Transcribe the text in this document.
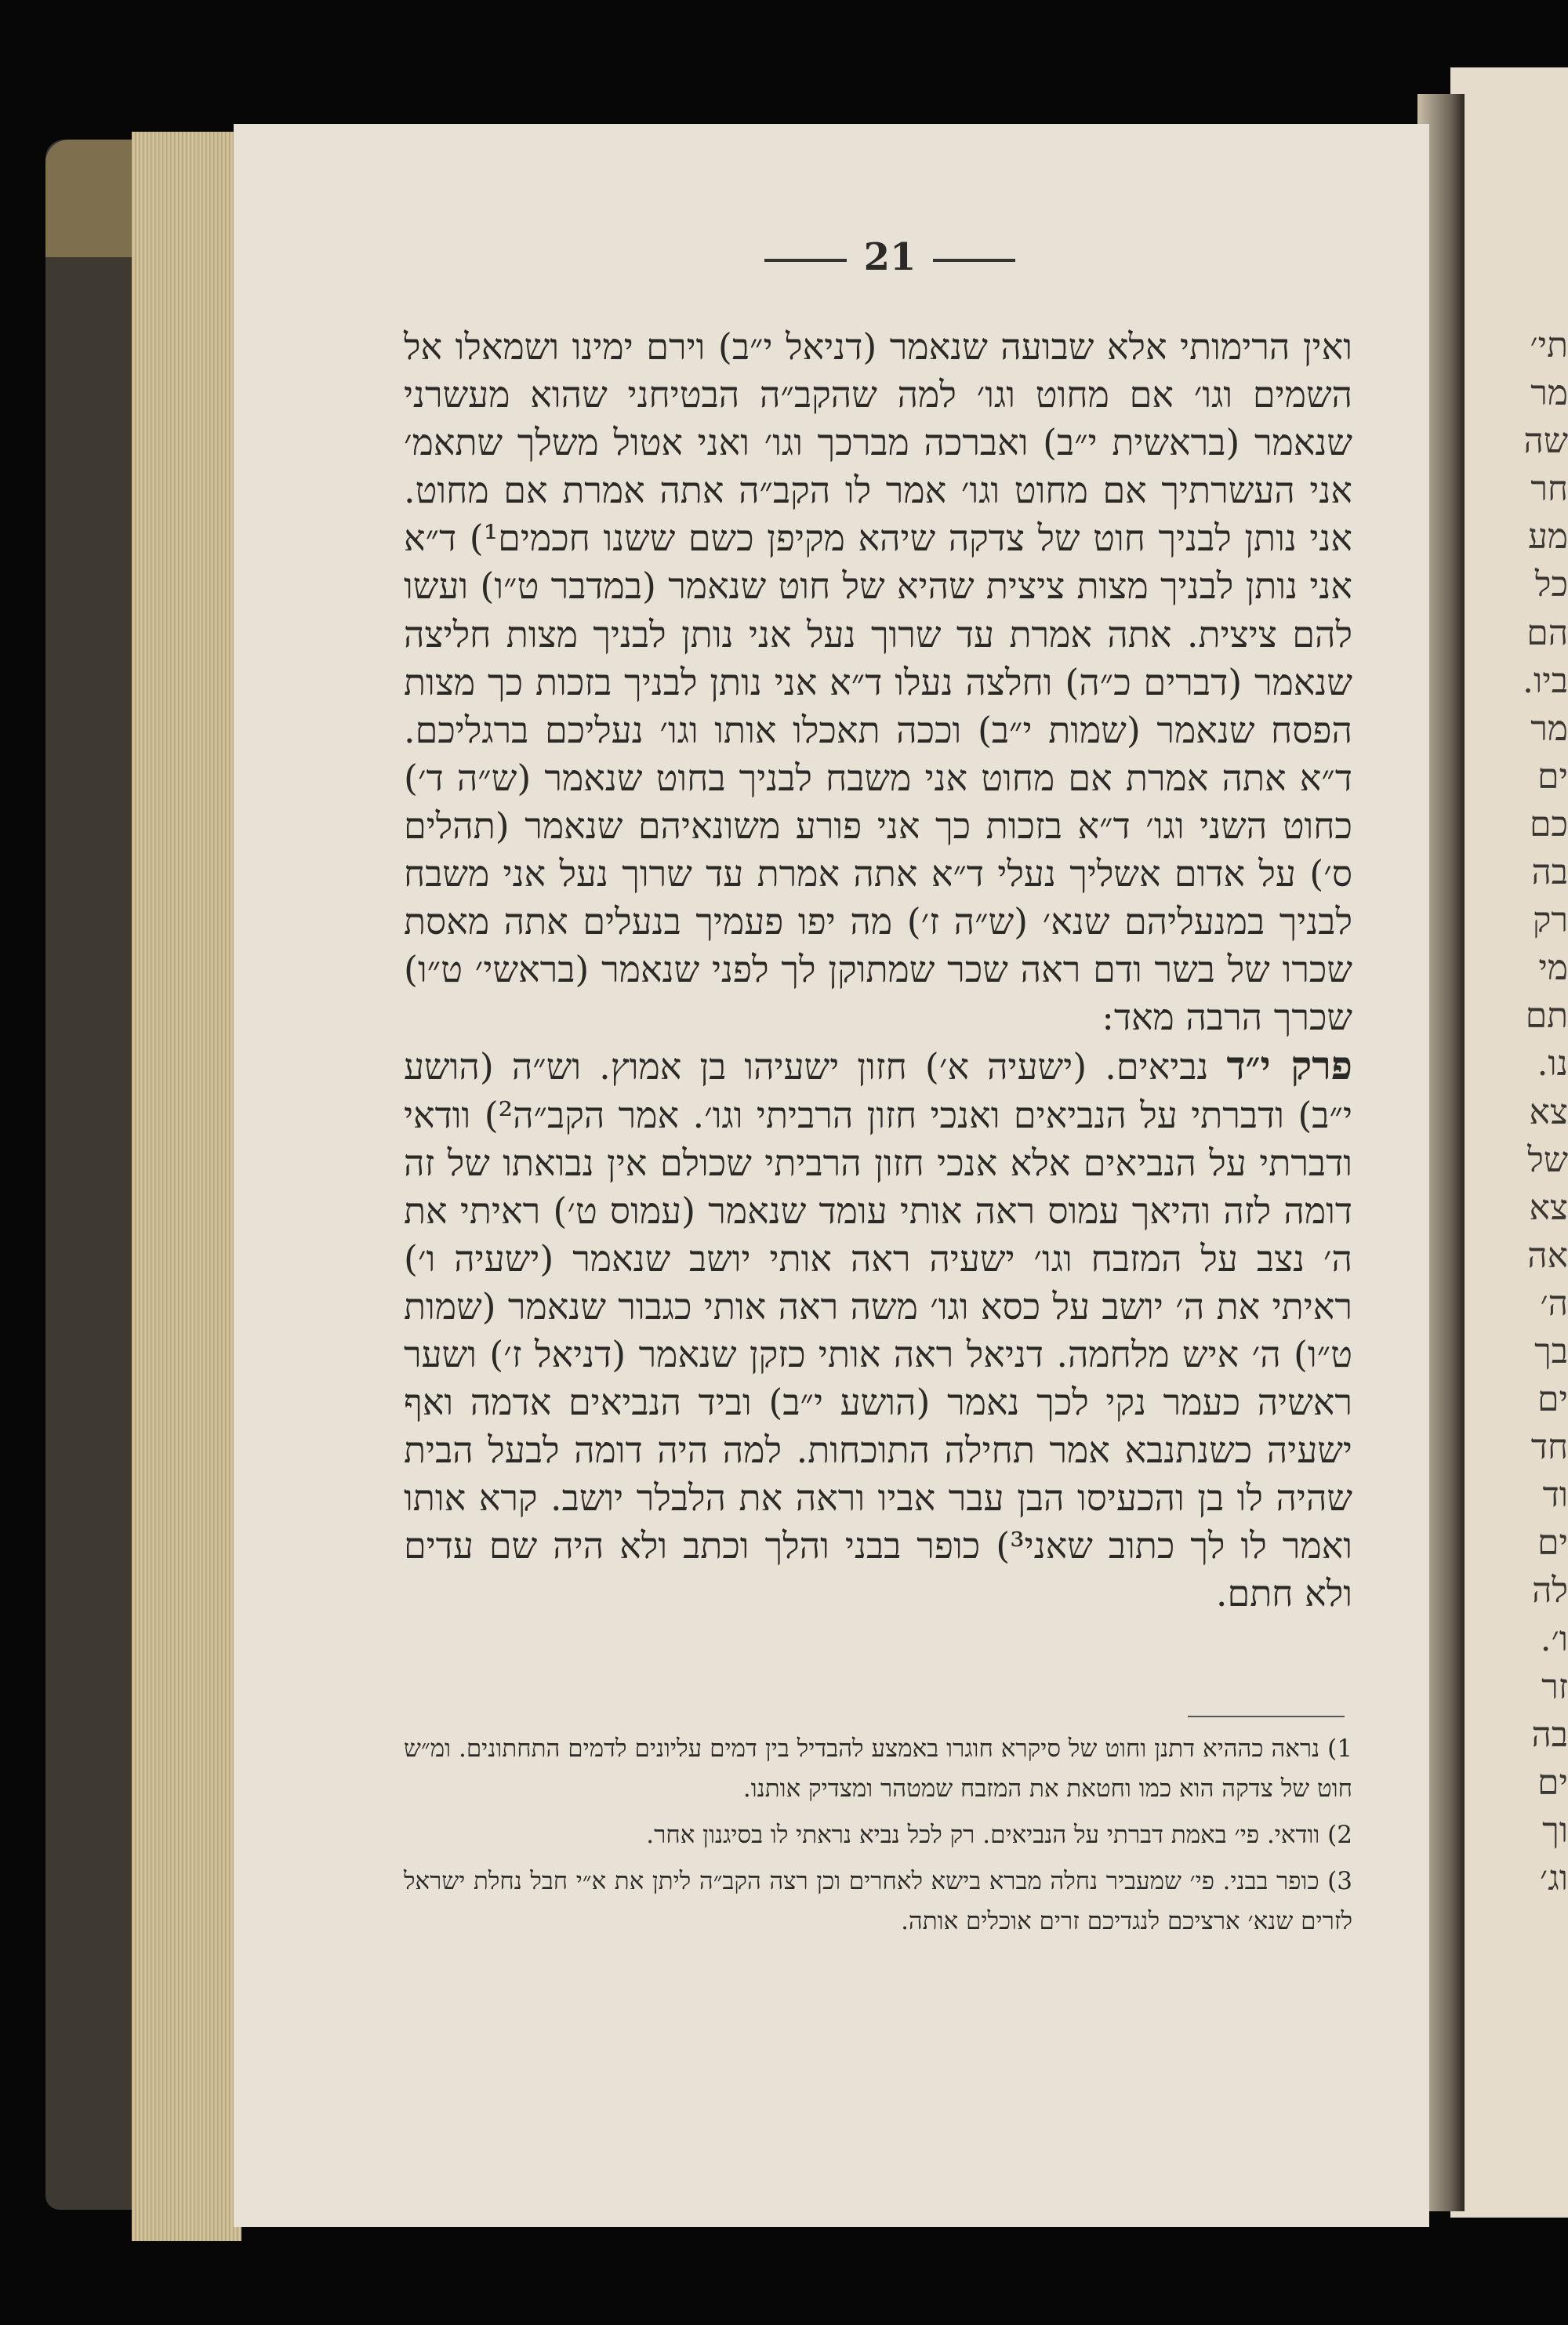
תי׳
מר
שה
חר
מע
כל
הם
ביו.
מר
ים
כם
בה
רק
מי
תם
נו.
צא
של
צא
אה
ה׳
בך
ים
חד
וד
ים
לה
ו׳.
זר
בה
ים
וך
וג׳
21

ואין הרימותי אלא שבועה שנאמר (דניאל י״ב) וירם ימינו ושמאלו אל השמים וגו׳ אם מחוט וגו׳ למה שהקב״ה הבטיחני שהוא מעשרני שנאמר (בראשית י״ב) ואברכה מברכך וגו׳ ואני אטול משלך שתאמ׳ אני העשרתיך אם מחוט וגו׳ אמר לו הקב״ה אתה אמרת אם מחוט. אני נותן לבניך חוט של צדקה שיהא מקיפן כשם ששנו חכמים¹) ד״א אני נותן לבניך מצות ציצית שהיא של חוט שנאמר (במדבר ט״ו) ועשו להם ציצית. אתה אמרת עד שרוך נעל אני נותן לבניך מצות חליצה שנאמר (דברים כ״ה) וחלצה נעלו ד״א אני נותן לבניך בזכות כך מצות הפסח שנאמר (שמות י״ב) וככה תאכלו אותו וגו׳ נעליכם ברגליכם. ד״א אתה אמרת אם מחוט אני משבח לבניך בחוט שנאמר (ש״ה ד׳) כחוט השני וגו׳ ד״א בזכות כך אני פורע משונאיהם שנאמר (תהלים ס׳) על אדום אשליך נעלי ד״א אתה אמרת עד שרוך נעל אני משבח לבניך במנעליהם שנא׳ (ש״ה ז׳) מה יפו פעמיך בנעלים אתה מאסת שכרו של בשר ודם ראה שכר שמתוקן לך לפני שנאמר (בראשי׳ ט״ו) שכרך הרבה מאד:

פרק י״ד נביאים. (ישעיה א׳) חזון ישעיהו בן אמוץ. וש״ה (הושע י״ב) ודברתי על הנביאים ואנכי חזון הרביתי וגו׳. אמר הקב״ה²) וודאי ודברתי על הנביאים אלא אנכי חזון הרביתי שכולם אין נבואתו של זה דומה לזה והיאך עמוס ראה אותי עומד שנאמר (עמוס ט׳) ראיתי את ה׳ נצב על המזבח וגו׳ ישעיה ראה אותי יושב שנאמר (ישעיה ו׳) ראיתי את ה׳ יושב על כסא וגו׳ משה ראה אותי כגבור שנאמר (שמות ט״ו) ה׳ איש מלחמה. דניאל ראה אותי כזקן שנאמר (דניאל ז׳) ושער ראשיה כעמר נקי לכך נאמר (הושע י״ב) וביד הנביאים אדמה ואף ישעיה כשנתנבא אמר תחילה התוכחות. למה היה דומה לבעל הבית שהיה לו בן והכעיסו הבן עבר אביו וראה את הלבלר יושב. קרא אותו ואמר לו לך כתוב שאני³) כופר בבני והלך וכתב ולא היה שם עדים ולא חתם.

1) נראה כההיא דתנן וחוט של סיקרא חוגרו באמצע להבדיל בין דמים עליונים לדמים התחתונים. ומ״ש חוט של צדקה הוא כמו וחטאת את המזבח שמטהר ומצדיק אותנו.

2) וודאי. פי׳ באמת דברתי על הנביאים. רק לכל נביא נראתי לו בסיגנון אחר.

3) כופר בבני. פי׳ שמעביר נחלה מברא בישא לאחרים וכן רצה הקב״ה ליתן את א״י חבל נחלת ישראל לזרים שנא׳ ארציכם לנגדיכם זרים אוכלים אותה.
